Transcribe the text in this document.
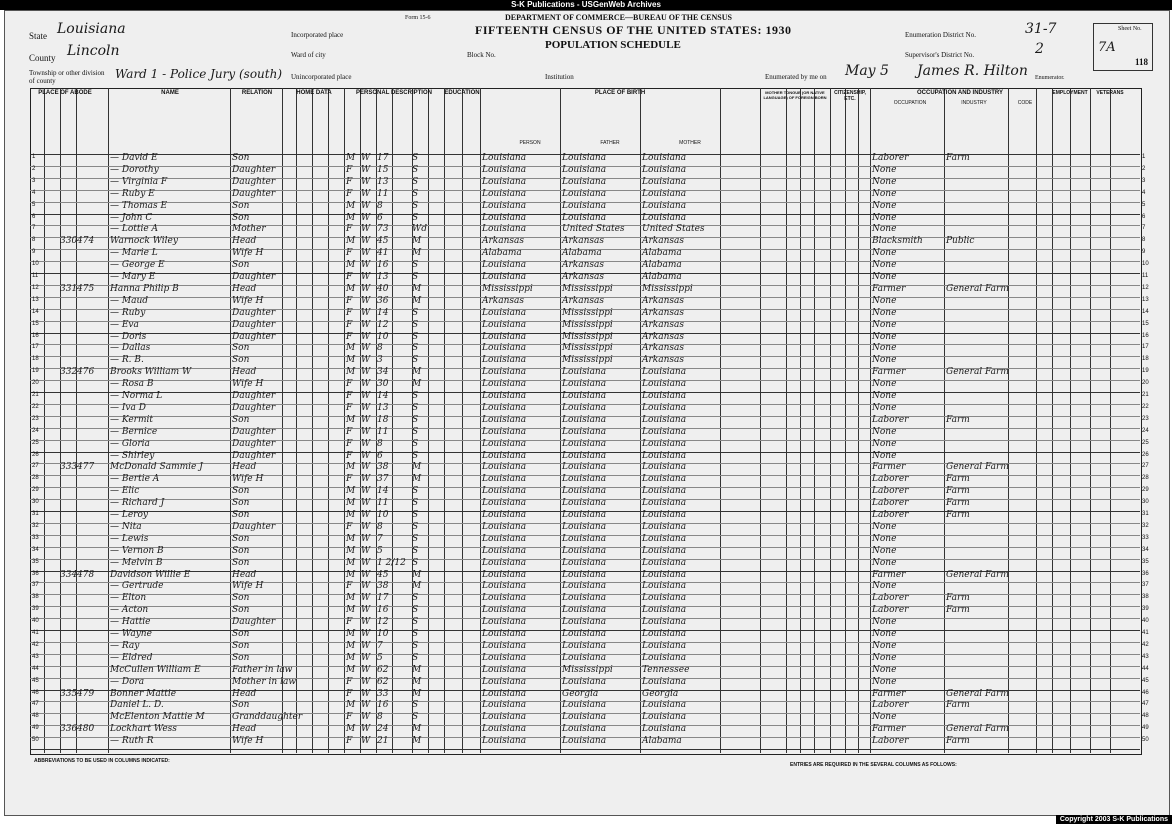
S-K Publications - USGenWeb Archives
Form 15-6	DEPARTMENT OF COMMERCE—BUREAU OF THE CENSUS
FIFTEENTH CENSUS OF THE UNITED STATES: 1930
POPULATION SCHEDULE
State Louisiana
County Lincoln
Township or other division of county	Ward 1 - Police Jury (south)
Incorporated place
Ward of city	Block No.
Unincorporated place	Institution
Enumeration District No.	31-7
Supervisor's District No.	2
Enumerated by me on May 5 James R. Hilton Enumerator.
Sheet No.
7A
118
PLACE OF ABODE	NAME	RELATION	HOME DATA	PERSONAL DESCRIPTION	EDUCATION	PLACE OF BIRTH	MOTHER TONGUE (OR NATIVE LANGUAGE) OF FOREIGN BORN
CITIZENSHIP, ETC.
OCCUPATION AND INDUSTRY	EMPLOYMENT	VETERANS
PERSON	FATHER	MOTHER
OCCUPATION	INDUSTRY	CODE
1	— David E	Son	M W 17	S	Louisiana	Louisiana	Louisiana	Laborer	Farm	1
2	— Dorothy	Daughter	F W 15	S	Louisiana	Louisiana	Louisiana	None	2
3	— Virginia F	Daughter	F W 13	S	Louisiana	Louisiana	Louisiana	None	3
4	— Ruby E	Daughter	F W 11	S	Louisiana	Louisiana	Louisiana	None	4
5	— Thomas E	Son	M W 8	S	Louisiana	Louisiana	Louisiana	None	5
6	— John C	Son	M W 6	S	Louisiana	Louisiana	Louisiana	None	6
7	— Lottie A	Mother	F W 73	Wd	Louisiana	United States	United States	None	7
8	330 474	Warnock Wiley	Head	M W 45	M	Arkansas	Arkansas	Arkansas	Blacksmith	Public	8
9	— Marie L	Wife H	F W 41	M	Alabama	Alabama	Alabama	None	9
10	— George E	Son	M W 16	S	Louisiana	Arkansas	Alabama	None	10
11	— Mary E	Daughter	F W 13	S	Louisiana	Arkansas	Alabama	None	11
12	331 475	Hanna Philip B	Head	M W 40	M	Mississippi	Mississippi	Mississippi	Farmer	General Farm	12
13	— Maud	Wife H	F W 36	M	Arkansas	Arkansas	Arkansas	None	13
14	— Ruby	Daughter	F W 14	S	Louisiana	Mississippi	Arkansas	None	14
15	— Eva	Daughter	F W 12	S	Louisiana	Mississippi	Arkansas	None	15
16	— Doris	Daughter	F W 10	S	Louisiana	Mississippi	Arkansas	None	16
17	— Dallas	Son	M W 8	S	Louisiana	Mississippi	Arkansas	None	17
18	— R. B.	Son	M W 3	S	Louisiana	Mississippi	Arkansas	None	18
19	332 476	Brooks William W	Head	M W 34	M	Louisiana	Louisiana	Louisiana	Farmer	General Farm	19
20	— Rosa B	Wife H	F W 30	M	Louisiana	Louisiana	Louisiana	None	20
21	— Norma L	Daughter	F W 14	S	Louisiana	Louisiana	Louisiana	None	21
22	— Iva D	Daughter	F W 13	S	Louisiana	Louisiana	Louisiana	None	22
23	— Kermit	Son	M W 18	S	Louisiana	Louisiana	Louisiana	Laborer	Farm	23
24	— Bernice	Daughter	F W 11	S	Louisiana	Louisiana	Louisiana	None	24
25	— Gloria	Daughter	F W 8	S	Louisiana	Louisiana	Louisiana	None	25
26	— Shirley	Daughter	F W 6	S	Louisiana	Louisiana	Louisiana	None	26
27	333 477	McDonald Sammie J	Head	M W 38	M	Louisiana	Louisiana	Louisiana	Farmer	General Farm	27
28	— Bertie A	Wife H	F W 37	M	Louisiana	Louisiana	Louisiana	Laborer	Farm	28
29	— Elic	Son	M W 14	S	Louisiana	Louisiana	Louisiana	Laborer	Farm	29
30	— Richard J	Son	M W 11	S	Louisiana	Louisiana	Louisiana	Laborer	Farm	30
31	— Leroy	Son	M W 10	S	Louisiana	Louisiana	Louisiana	Laborer	Farm	31
32	— Nita	Daughter	F W 8	S	Louisiana	Louisiana	Louisiana	None	32
33	— Lewis	Son	M W 7	S	Louisiana	Louisiana	Louisiana	None	33
34	— Vernon B	Son	M W 5	S	Louisiana	Louisiana	Louisiana	None	34
35	— Melvin B	Son	M W 1 2/12 S	Louisiana	Louisiana	Louisiana	None	35
36	334 478	Davidson Willie E	Head	M W 45	M	Louisiana	Louisiana	Louisiana	Farmer	General Farm	36
37	— Gertrude	Wife H	F W 38	M	Louisiana	Louisiana	Louisiana	None	37
38	— Elton	Son	M W 17	S	Louisiana	Louisiana	Louisiana	Laborer	Farm	38
39	— Acton	Son	M W 16	S	Louisiana	Louisiana	Louisiana	Laborer	Farm	39
40	— Hattie	Daughter	F W 12	S	Louisiana	Louisiana	Louisiana	None	40
41	— Wayne	Son	M W 10	S	Louisiana	Louisiana	Louisiana	None	41
42	— Ray	Son	M W 7	S	Louisiana	Louisiana	Louisiana	None	42
43	— Eldred	Son	M W 5	S	Louisiana	Louisiana	Louisiana	None	43
44	McCullen William E	Father in law	M W 62	M	Louisiana	Mississippi	Tennessee	None	44
45	— Dora	Mother in law	F W 62	M	Louisiana	Louisiana	Louisiana	None	45
46	335 479	Bonner Mattie	Head	F W 33	M	Louisiana	Georgia	Georgia	Farmer	General Farm	46
47	Daniel L. D.	Son	M W 16	S	Louisiana	Louisiana	Louisiana	Laborer	Farm	47
48	McElenton Mattie M	Granddaughter	F W 8	S	Louisiana	Louisiana	Louisiana	None	48
49	336 480	Lockhart Wess	Head	M W 24	M	Louisiana	Louisiana	Louisiana	Farmer	General Farm	49
50	— Ruth R	Wife H	F W 21	M	Louisiana	Louisiana	Alabama	Laborer	Farm	50
ABBREVIATIONS TO BE USED IN COLUMNS INDICATED:
ENTRIES ARE REQUIRED IN THE SEVERAL COLUMNS AS FOLLOWS:
Copyright 2003 S-K Publications
